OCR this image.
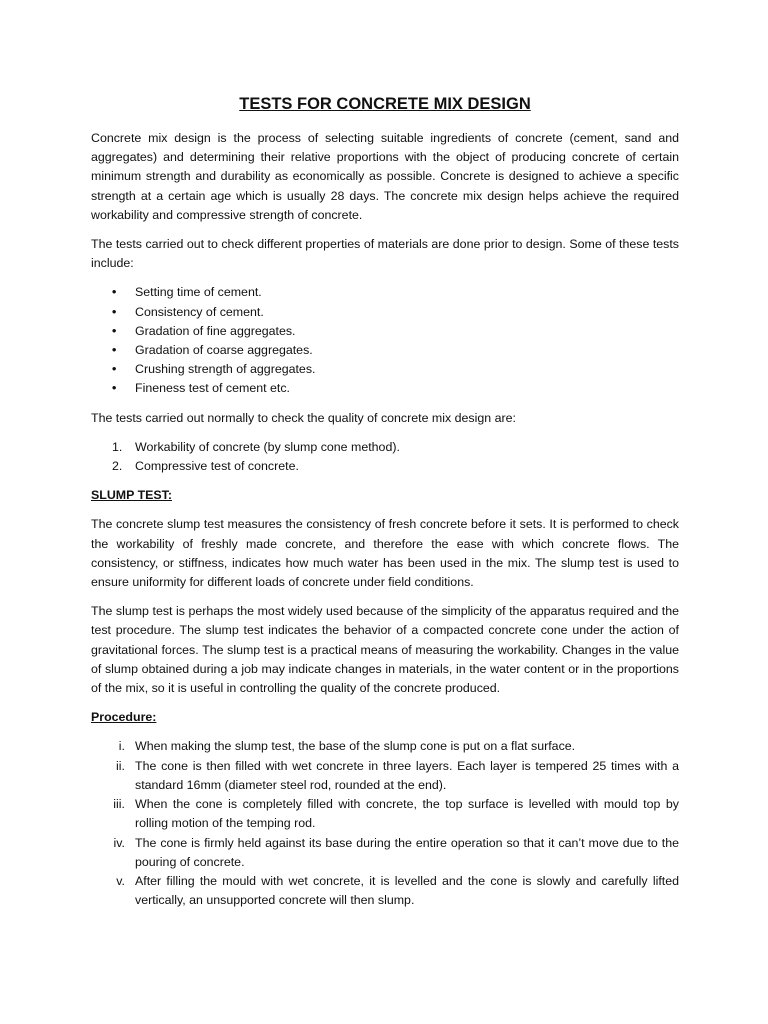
TESTS FOR CONCRETE MIX DESIGN

Concrete mix design is the process of selecting suitable ingredients of concrete (cement, sand and aggregates) and determining their relative proportions with the object of producing concrete of certain minimum strength and durability as economically as possible. Concrete is designed to achieve a specific strength at a certain age which is usually 28 days. The concrete mix design helps achieve the required workability and compressive strength of concrete.

The tests carried out to check different properties of materials are done prior to design. Some of these tests include:

• Setting time of cement.
• Consistency of cement.
• Gradation of fine aggregates.
• Gradation of coarse aggregates.
• Crushing strength of aggregates.
• Fineness test of cement etc.

The tests carried out normally to check the quality of concrete mix design are:

1. Workability of concrete (by slump cone method).
2. Compressive test of concrete.
SLUMP TEST:

The concrete slump test measures the consistency of fresh concrete before it sets. It is performed to check the workability of freshly made concrete, and therefore the ease with which concrete flows. The consistency, or stiffness, indicates how much water has been used in the mix. The slump test is used to ensure uniformity for different loads of concrete under field conditions.

The slump test is perhaps the most widely used because of the simplicity of the apparatus required and the test procedure. The slump test indicates the behavior of a compacted concrete cone under the action of gravitational forces. The slump test is a practical means of measuring the workability. Changes in the value of slump obtained during a job may indicate changes in materials, in the water content or in the proportions of the mix, so it is useful in controlling the quality of the concrete produced.

Procedure:
i. When making the slump test, the base of the slump cone is put on a flat surface.
ii. The cone is then filled with wet concrete in three layers. Each layer is tempered 25 times with a standard 16mm (diameter steel rod, rounded at the end).
iii. When the cone is completely filled with concrete, the top surface is levelled with mould top by rolling motion of the temping rod.
iv. The cone is firmly held against its base during the entire operation so that it can’t move due to the pouring of concrete.
v. After filling the mould with wet concrete, it is levelled and the cone is slowly and carefully lifted vertically, an unsupported concrete will then slump.
